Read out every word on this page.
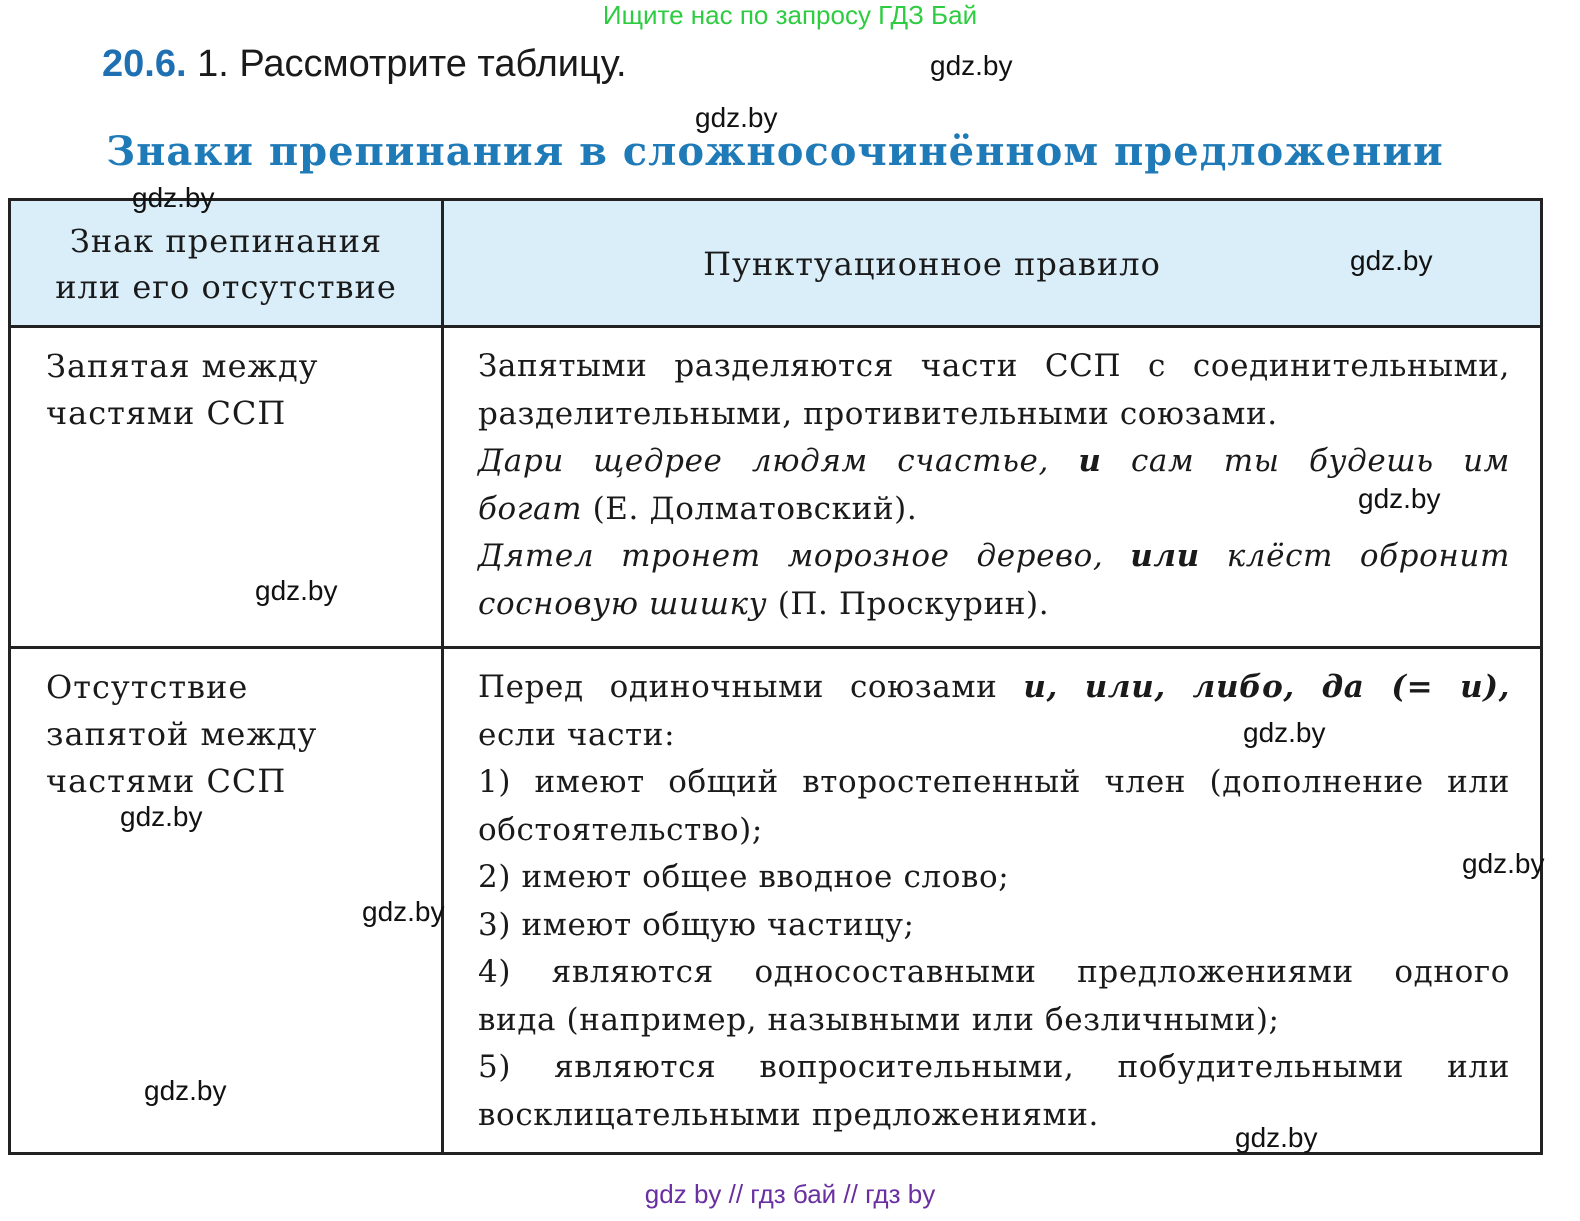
Ищите нас по запросу ГДЗ Бай
20.6. 1. Рассмотрите таблицу.
Знаки препинания в сложносочинённом предложении
Знак препинания
или его отсутствие
Пунктуационное правило
Запятая между
частями ССП

Запятыми разделяются части ССП с соединительными,

разделительными, противительными союзами.

Дари щедрее людям счастье, и сам ты будешь им

богат (Е. Долматовский).

Дятел тронет морозное дерево, или клёст обронит

сосновую шишку (П. Проскурин).

Отсутствие
запятой между
частями ССП

Перед одиночными союзами и, или, либо, да (= и),

если части:

1) имеют общий второстепенный член (дополнение или

обстоятельство);

2) имеют общее вводное слово;

3) имеют общую частицу;

4) являются односоставными предложениями одного

вида (например, назывными или безличными);

5) являются вопросительными, побудительными или

восклицательными предложениями.

gdz.by
gdz.by
gdz.by
gdz.by
gdz.by
gdz.by
gdz.by
gdz.by
gdz.by
gdz.by
gdz.by
gdz.by
gdz by // гдз бай // гдз by
